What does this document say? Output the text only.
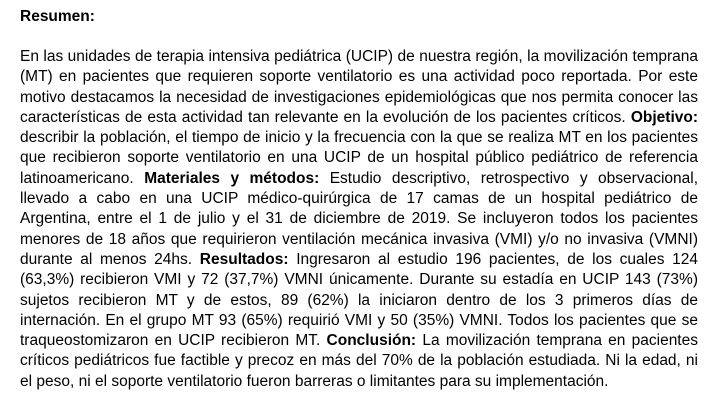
Resumen:

En las unidades de terapia intensiva pediátrica (UCIP) de nuestra región, la movilización temprana (MT) en pacientes que requieren soporte ventilatorio es una actividad poco reportada. Por este motivo destacamos la necesidad de investigaciones epidemiológicas que nos permita conocer las características de esta actividad tan relevante en la evolución de los pacientes críticos. Objetivo: describir la población, el tiempo de inicio y la frecuencia con la que se realiza MT en los pacientes que recibieron soporte ventilatorio en una UCIP de un hospital público pediátrico de referencia latinoamericano. Materiales y métodos: Estudio descriptivo, retrospectivo y observacional, llevado a cabo en una UCIP médico-quirúrgica de 17 camas de un hospital pediátrico de Argentina, entre el 1 de julio y el 31 de diciembre de 2019. Se incluyeron todos los pacientes menores de 18 años que requirieron ventilación mecánica invasiva (VMI) y/o no invasiva (VMNI) durante al menos 24hs. Resultados: Ingresaron al estudio 196 pacientes, de los cuales 124 (63,3%) recibieron VMI y 72 (37,7%) VMNI únicamente. Durante su estadía en UCIP 143 (73%) sujetos recibieron MT y de estos, 89 (62%) la iniciaron dentro de los 3 primeros días de internación. En el grupo MT 93 (65%) requirió VMI y 50 (35%) VMNI. Todos los pacientes que se traqueostomizaron en UCIP recibieron MT. Conclusión: La movilización temprana en pacientes críticos pediátricos fue factible y precoz en más del 70% de la población estudiada. Ni la edad, ni el peso, ni el soporte ventilatorio fueron barreras o limitantes para su implementación.
